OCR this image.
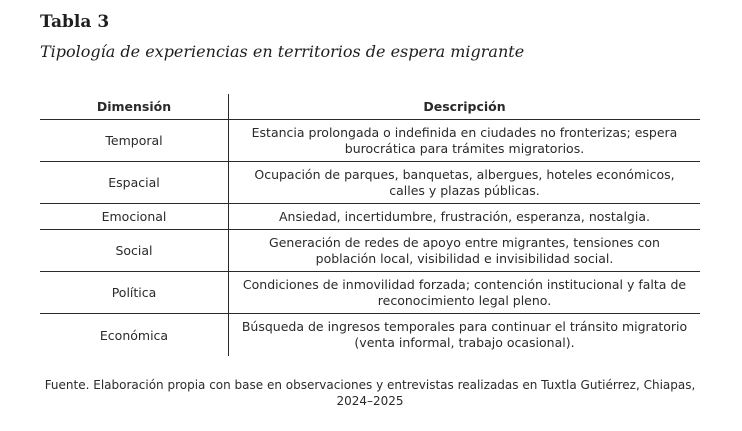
Tabla 3
Tipología de experiencias en territorios de espera migrante
Dimensión	Descripción
Temporal
Estancia prolongada o indefinida en ciudades no fronterizas; espera burocrática para trámites migratorios.
Espacial
Ocupación de parques, banquetas, albergues, hoteles económicos, calles y plazas públicas.
Emocional	Ansiedad, incertidumbre, frustración, esperanza, nostalgia.
Social
Generación de redes de apoyo entre migrantes, tensiones con población local, visibilidad e invisibilidad social.
Política
Condiciones de inmovilidad forzada; contención institucional y falta de reconocimiento legal pleno.
Económica
Búsqueda de ingresos temporales para continuar el tránsito migratorio (venta informal, trabajo ocasional).
Fuente. Elaboración propia con base en observaciones y entrevistas realizadas en Tuxtla Gutiérrez, Chiapas, 2024–2025
